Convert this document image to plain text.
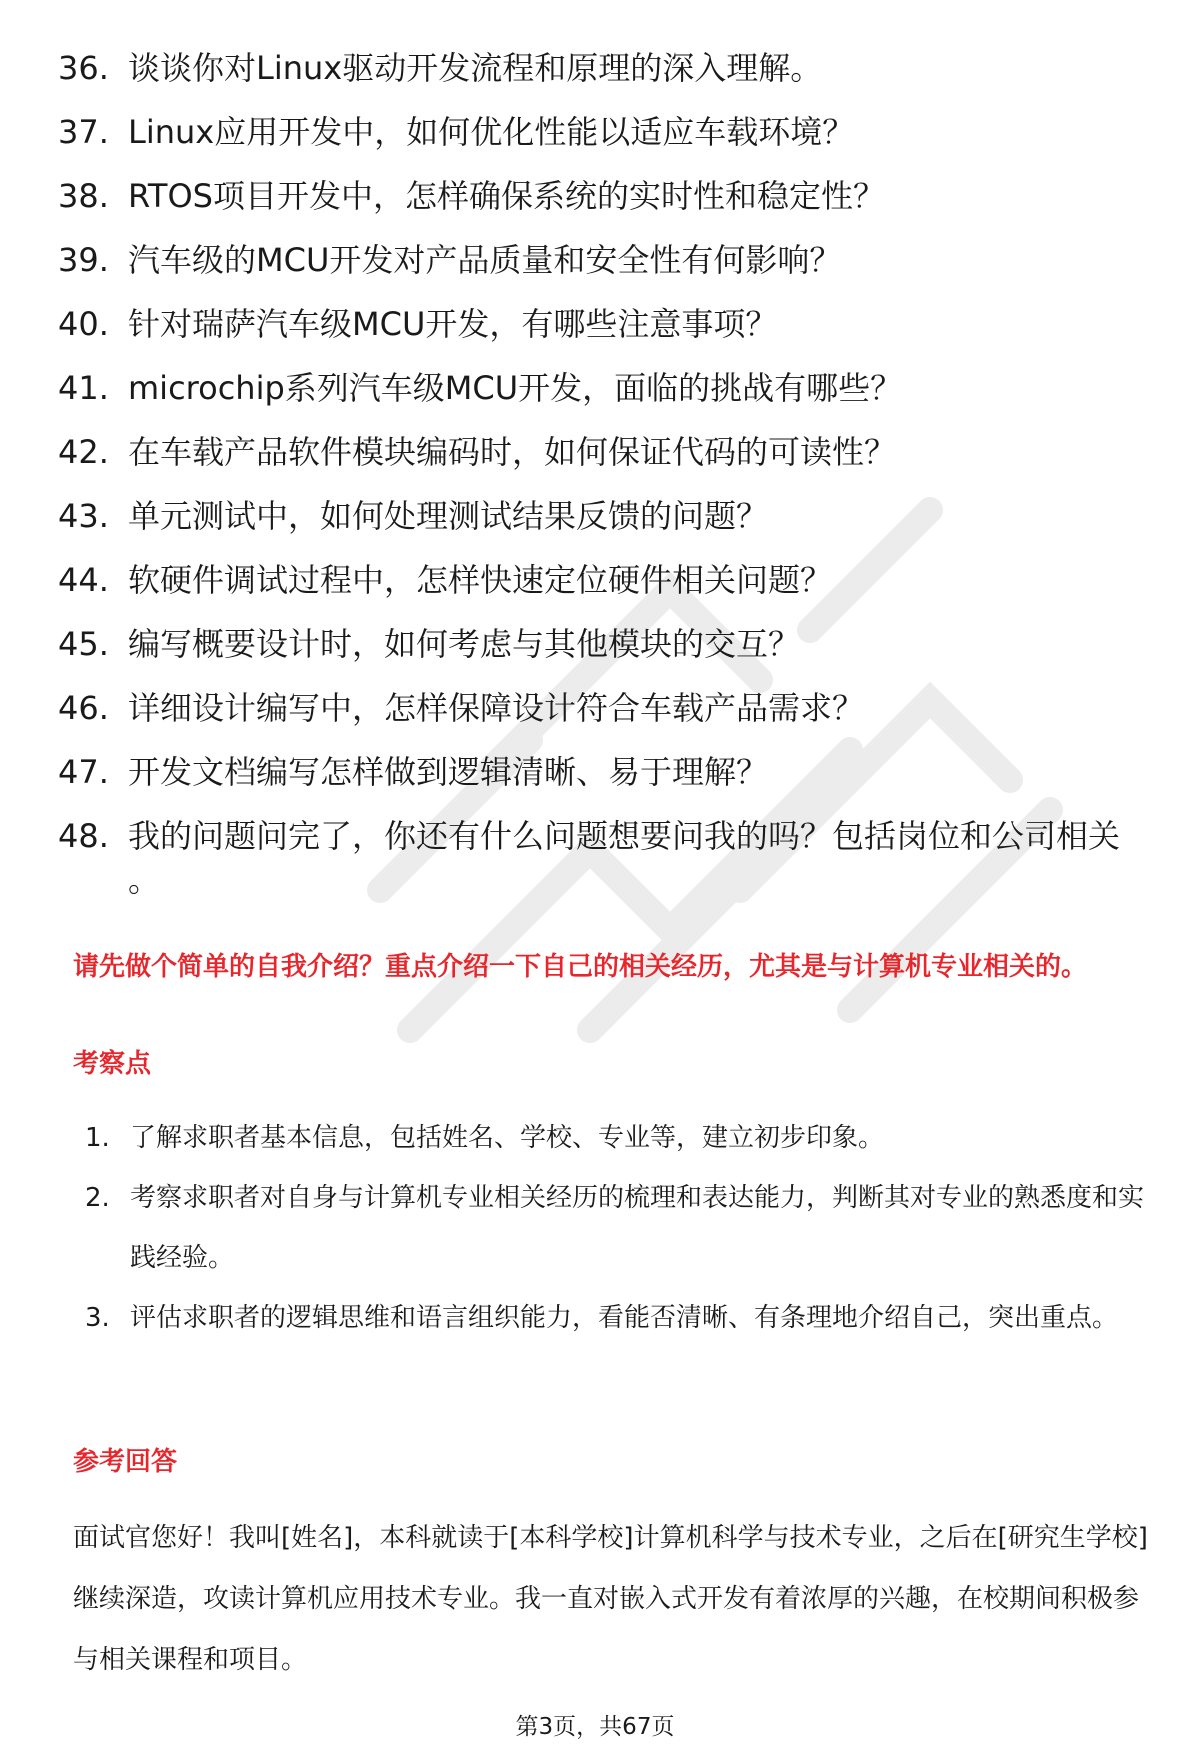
36. 谈谈你对Linux驱动开发流程和原理的深入理解。
37. Linux应用开发中，如何优化性能以适应车载环境？
38. RTOS项目开发中，怎样确保系统的实时性和稳定性？
39. 汽车级的MCU开发对产品质量和安全性有何影响？
40. 针对瑞萨汽车级MCU开发，有哪些注意事项？
41. microchip系列汽车级MCU开发，面临的挑战有哪些？
42. 在车载产品软件模块编码时，如何保证代码的可读性？
43. 单元测试中，如何处理测试结果反馈的问题？
44. 软硬件调试过程中，怎样快速定位硬件相关问题？
45. 编写概要设计时，如何考虑与其他模块的交互？
46. 详细设计编写中，怎样保障设计符合车载产品需求？
47. 开发文档编写怎样做到逻辑清晰、易于理解？
48. 我的问题问完了，你还有什么问题想要问我的吗？包括岗位和公司相关 。

请先做个简单的自我介绍？重点介绍一下自己的相关经历，尤其是与计算机专业相关的。

考察点

1. 了解求职者基本信息，包括姓名、学校、专业等，建立初步印象。
2. 考察求职者对自身与计算机专业相关经历的梳理和表达能力，判断其对专业的熟悉度和实践经验。
3. 评估求职者的逻辑思维和语言组织能力，看能否清晰、有条理地介绍自己，突出重点。

参考回答

面试官您好！我叫[姓名]，本科就读于[本科学校]计算机科学与技术专业，之后在[研究生学校]继续深造，攻读计算机应用技术专业。我一直对嵌入式开发有着浓厚的兴趣，在校期间积极参与相关课程和项目。

第3页，共67页
